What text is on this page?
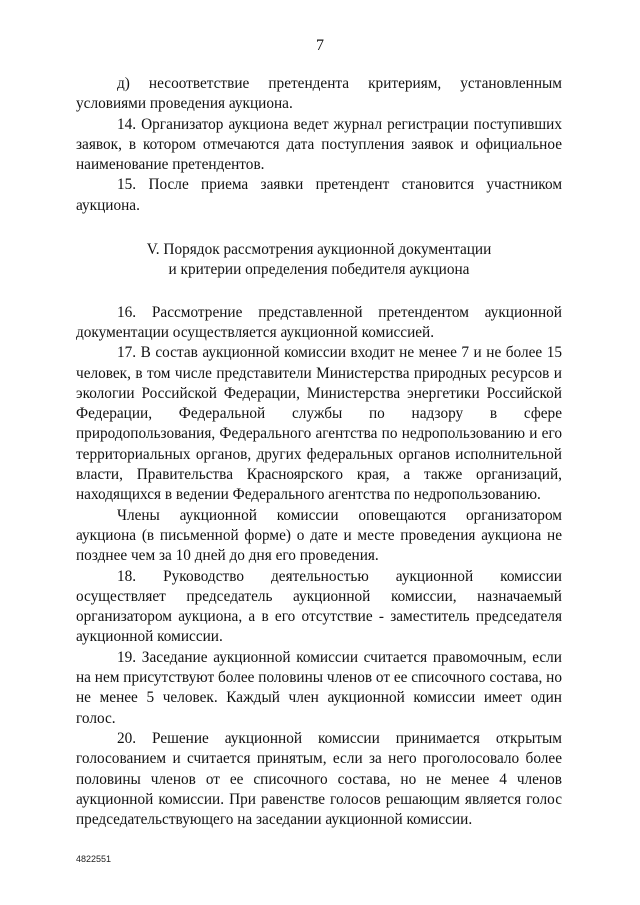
7

д) несоответствие претендента критериям, установленным условиями проведения аукциона.

14. Организатор аукциона ведет журнал регистрации поступивших заявок, в котором отмечаются дата поступления заявок и официальное наименование претендентов.

15. После приема заявки претендент становится участником аукциона.

V. Порядок рассмотрения аукционной документации
и критерии определения победителя аукциона

16. Рассмотрение представленной претендентом аукционной документации осуществляется аукционной комиссией.

17. В состав аукционной комиссии входит не менее 7 и не более 15 человек, в том числе представители Министерства природных ресурсов и экологии Российской Федерации, Министерства энергетики Российской Федерации, Федеральной службы по надзору в сфере природопользования, Федерального агентства по недропользованию и его территориальных органов, других федеральных органов исполнительной власти, Правительства Красноярского края, а также организаций, находящихся в ведении Федерального агентства по недропользованию.

Члены аукционной комиссии оповещаются организатором аукциона (в письменной форме) о дате и месте проведения аукциона не позднее чем за 10 дней до дня его проведения.

18. Руководство деятельностью аукционной комиссии осуществляет председатель аукционной комиссии, назначаемый организатором аукциона, а в его отсутствие - заместитель председателя аукционной комиссии.

19. Заседание аукционной комиссии считается правомочным, если на нем присутствуют более половины членов от ее списочного состава, но не менее 5 человек. Каждый член аукционной комиссии имеет один голос.

20. Решение аукционной комиссии принимается открытым голосованием и считается принятым, если за него проголосовало более половины членов от ее списочного состава, но не менее 4 членов аукционной комиссии. При равенстве голосов решающим является голос председательствующего на заседании аукционной комиссии.

4822551
